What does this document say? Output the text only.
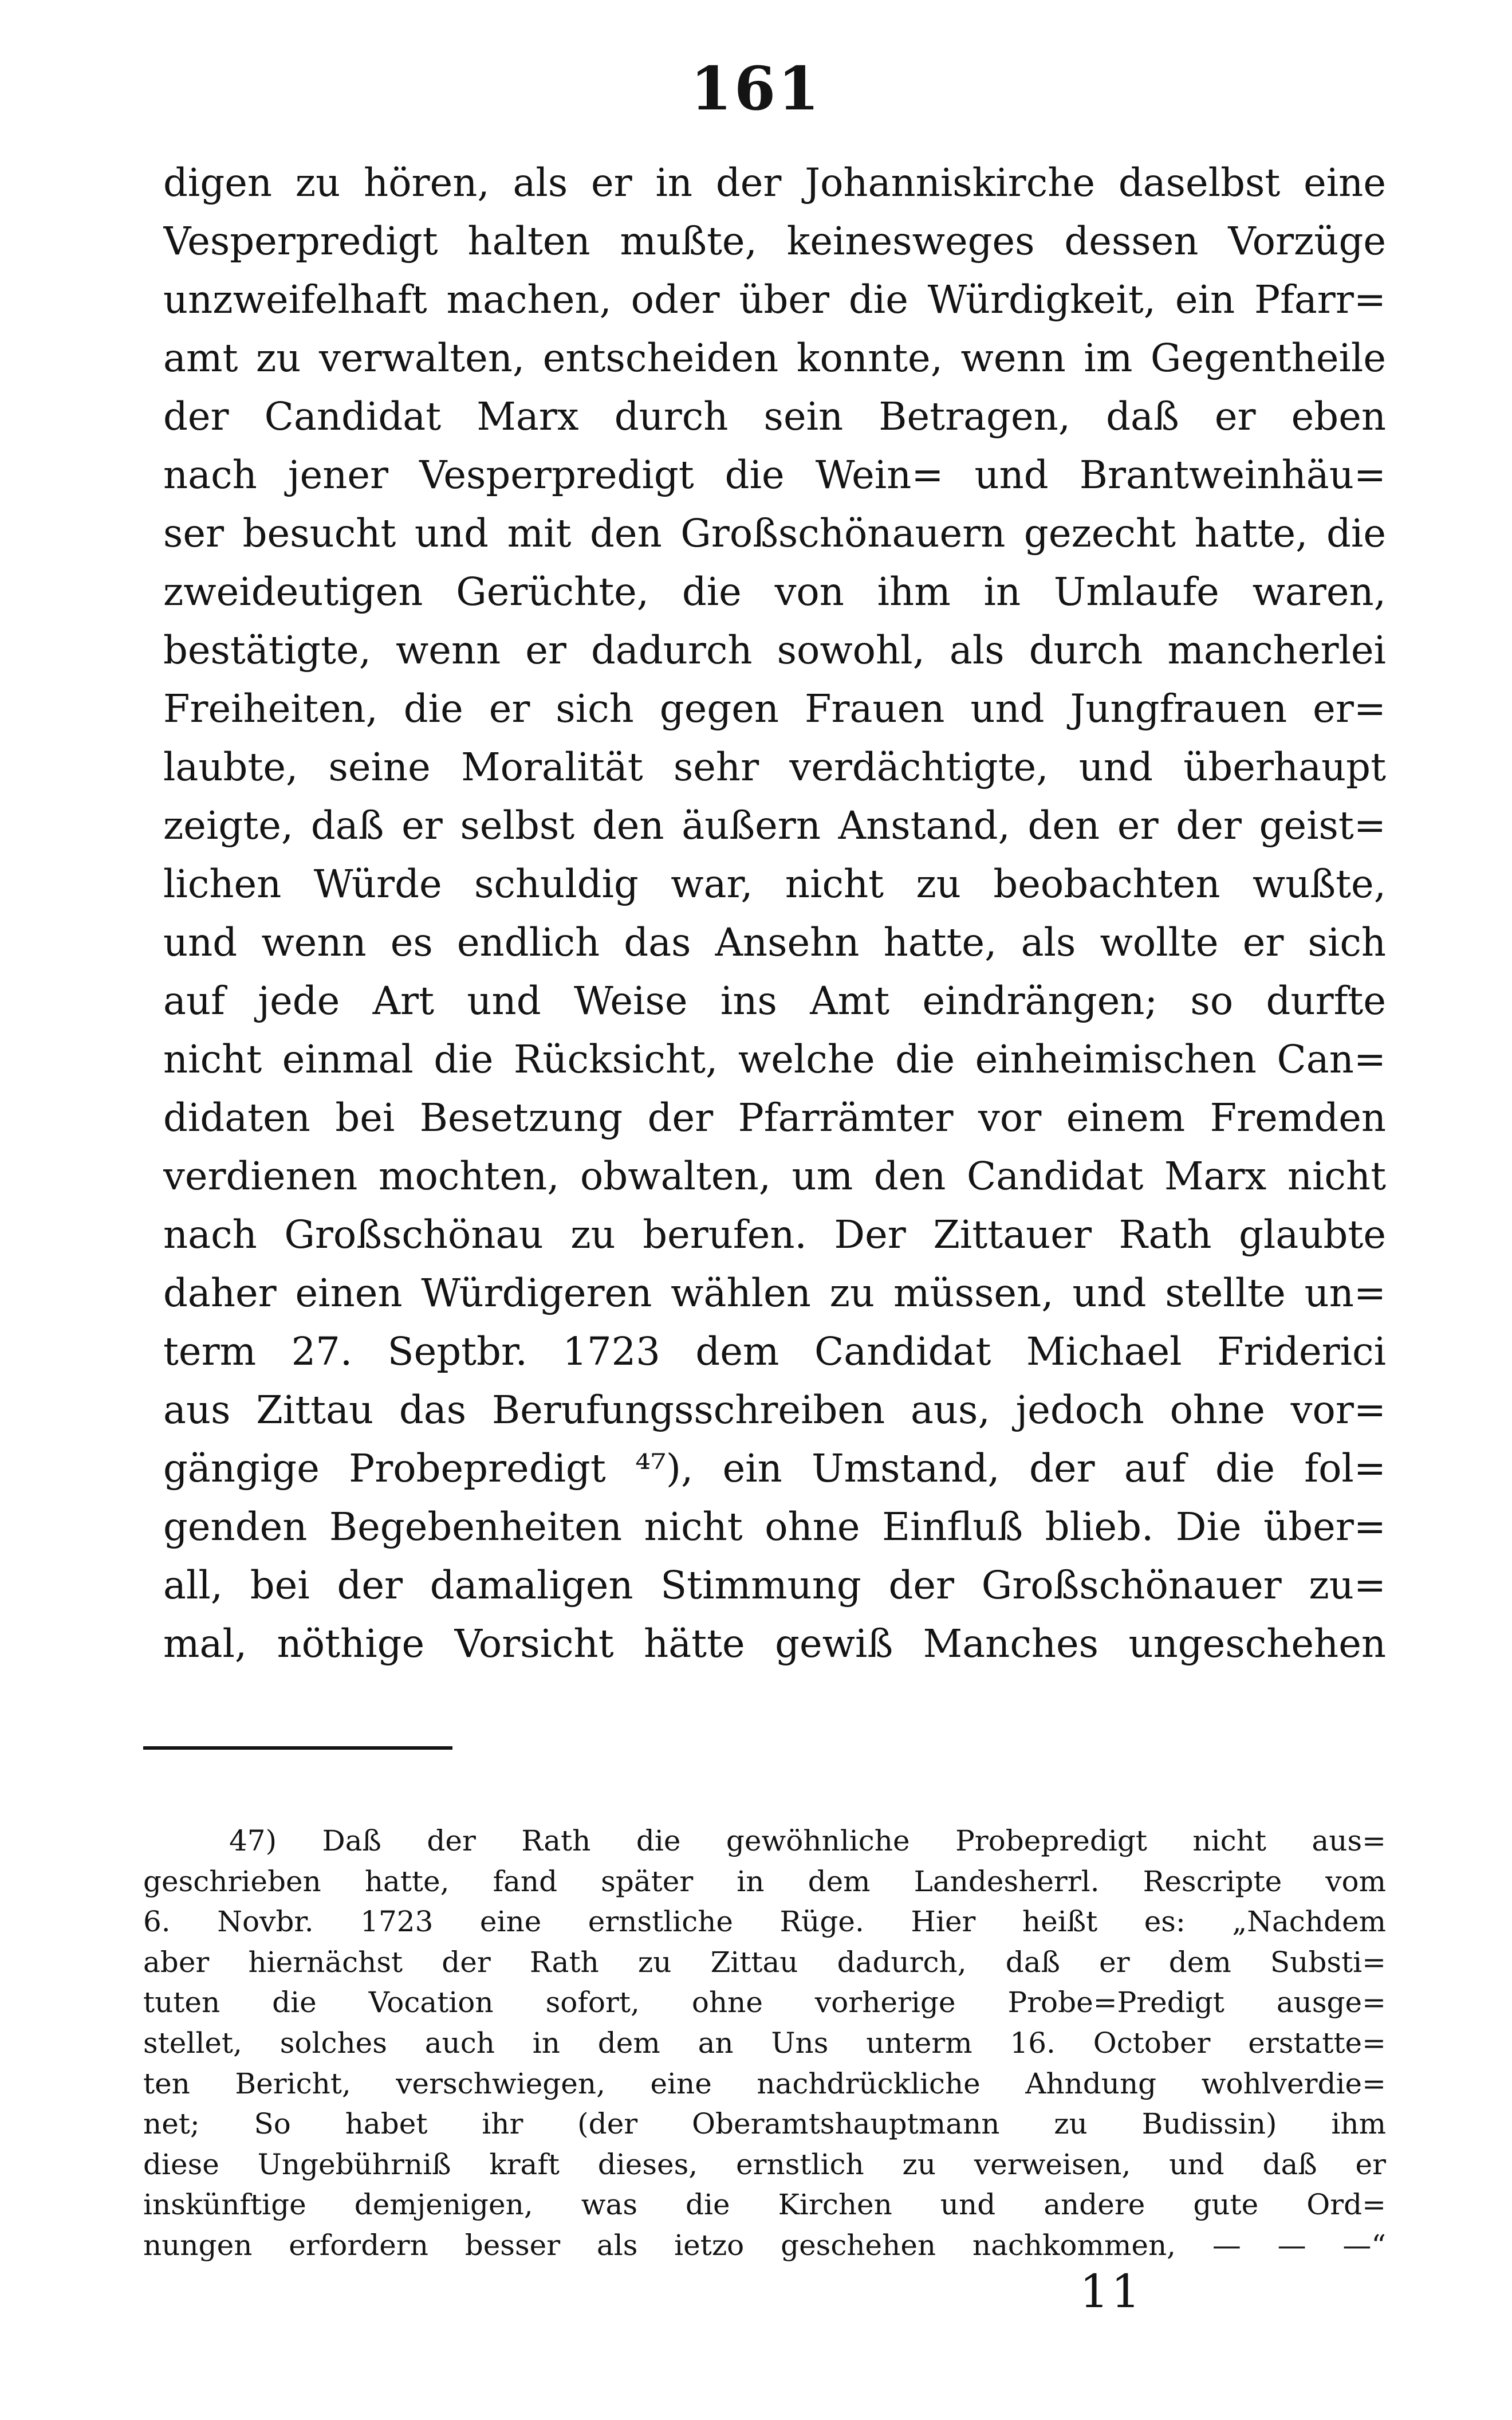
161
digen zu hören, als er in der Johanniskirche daselbst eine
Vesperpredigt halten mußte, keinesweges dessen Vorzüge
unzweifelhaft machen, oder über die Würdigkeit, ein Pfarr=
amt zu verwalten, entscheiden konnte, wenn im Gegentheile
der Candidat Marx durch sein Betragen, daß er eben
nach jener Vesperpredigt die Wein= und Brantweinhäu=
ser besucht und mit den Großschönauern gezecht hatte, die
zweideutigen Gerüchte, die von ihm in Umlaufe waren,
bestätigte, wenn er dadurch sowohl, als durch mancherlei
Freiheiten, die er sich gegen Frauen und Jungfrauen er=
laubte, seine Moralität sehr verdächtigte, und überhaupt
zeigte, daß er selbst den äußern Anstand, den er der geist=
lichen Würde schuldig war, nicht zu beobachten wußte,
und wenn es endlich das Ansehn hatte, als wollte er sich
auf jede Art und Weise ins Amt eindrängen; so durfte
nicht einmal die Rücksicht, welche die einheimischen Can=
didaten bei Besetzung der Pfarrämter vor einem Fremden
verdienen mochten, obwalten, um den Candidat Marx nicht
nach Großschönau zu berufen. Der Zittauer Rath glaubte
daher einen Würdigeren wählen zu müssen, und stellte un=
term 27. Septbr. 1723 dem Candidat Michael Friderici
aus Zittau das Berufungsschreiben aus, jedoch ohne vor=
gängige Probepredigt ⁴⁷), ein Umstand, der auf die fol=
genden Begebenheiten nicht ohne Einfluß blieb. Die über=
all, bei der damaligen Stimmung der Großschönauer zu=
mal, nöthige Vorsicht hätte gewiß Manches ungeschehen
47) Daß der Rath die gewöhnliche Probepredigt nicht aus=
geschrieben hatte, fand später in dem Landesherrl. Rescripte vom
6. Novbr. 1723 eine ernstliche Rüge. Hier heißt es: „Nachdem
aber hiernächst der Rath zu Zittau dadurch, daß er dem Substi=
tuten die Vocation sofort, ohne vorherige Probe=Predigt ausge=
stellet, solches auch in dem an Uns unterm 16. October erstatte=
ten Bericht, verschwiegen, eine nachdrückliche Ahndung wohlverdie=
net; So habet ihr (der Oberamtshauptmann zu Budissin) ihm
diese Ungebührniß kraft dieses, ernstlich zu verweisen, und daß er
inskünftige demjenigen, was die Kirchen und andere gute Ord=
nungen erfordern besser als ietzo geschehen nachkommen, — — —“
11
